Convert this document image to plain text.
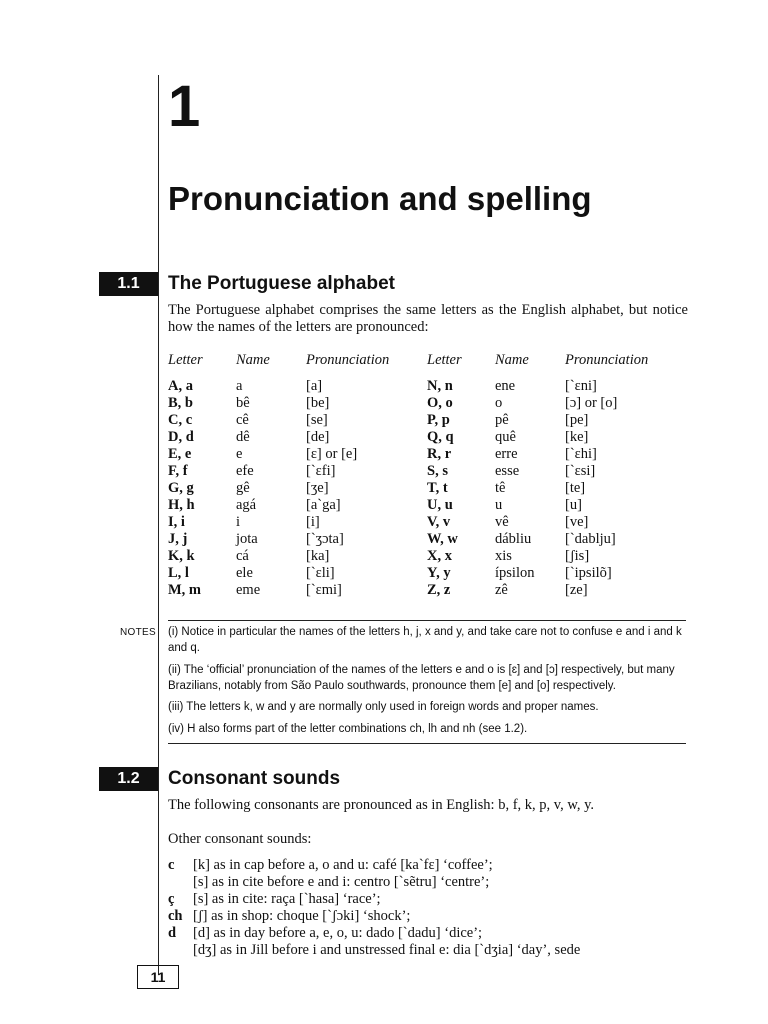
1
Pronunciation and spelling
1.1	The Portuguese alphabet
The Portuguese alphabet comprises the same letters as the English alphabet, but notice how the names of the letters are pronounced:
Letter Name Pronunciation	Letter Name Pronunciation
A, a	a	[a]	N, n	ene	[ˋɛni]
B, b	bê	[be]	O, o	o	[ɔ] or [o]
C, c	cê	[se]	P, p	pê	[pe]
D, d	dê	[de]	Q, q	quê	[ke]
E, e	e	[ɛ] or [e]	R, r	erre	[ˋɛhi]
F, f	efe	[ˋɛfi]	S, s	esse	[ˋɛsi]
G, g	gê	[ʒe]	T, t	tê	[te]
H, h	agá	[aˋga]	U, u	u	[u]
I, i	i	[i]	V, v	vê	[ve]
J, j	jota	[ˋʒɔta]	W, w	dábliu [ˋdablju]
K, k	cá	[ka]	X, x	xis	[ʃis]
L, l	ele	[ˋɛli]	Y, y	ípsilon [ˋipsilõ]
M, m eme	[ˋɛmi]	Z, z	zê	[ze]
NOTES (i) Notice in particular the names of the letters h, j, x and y, and take care not to confuse e and i and k and q.
(ii) The ‘official’ pronunciation of the names of the letters e and o is [ɛ] and [ɔ] respectively, but many Brazilians, notably from São Paulo southwards, pronounce them [e] and [o] respectively.
(iii) The letters k, w and y are normally only used in foreign words and proper names.
(iv) H also forms part of the letter combinations ch, lh and nh (see 1.2).
1.2	Consonant sounds
The following consonants are pronounced as in English: b, f, k, p, v, w, y.
Other consonant sounds:
c [k] as in cap before a, o and u: café [kaˋfɛ] ‘coffee’;
[s] as in cite before e and i: centro [ˋsẽtru] ‘centre’;
ç [s] as in cite: raça [ˋhasa] ‘race’;
ch [ʃ] as in shop: choque [ˋʃɔki] ‘shock’;
d [d] as in day before a, e, o, u: dado [ˋdadu] ‘dice’;
[dʒ] as in Jill before i and unstressed final e: dia [ˋdʒia] ‘day’, sede
11
